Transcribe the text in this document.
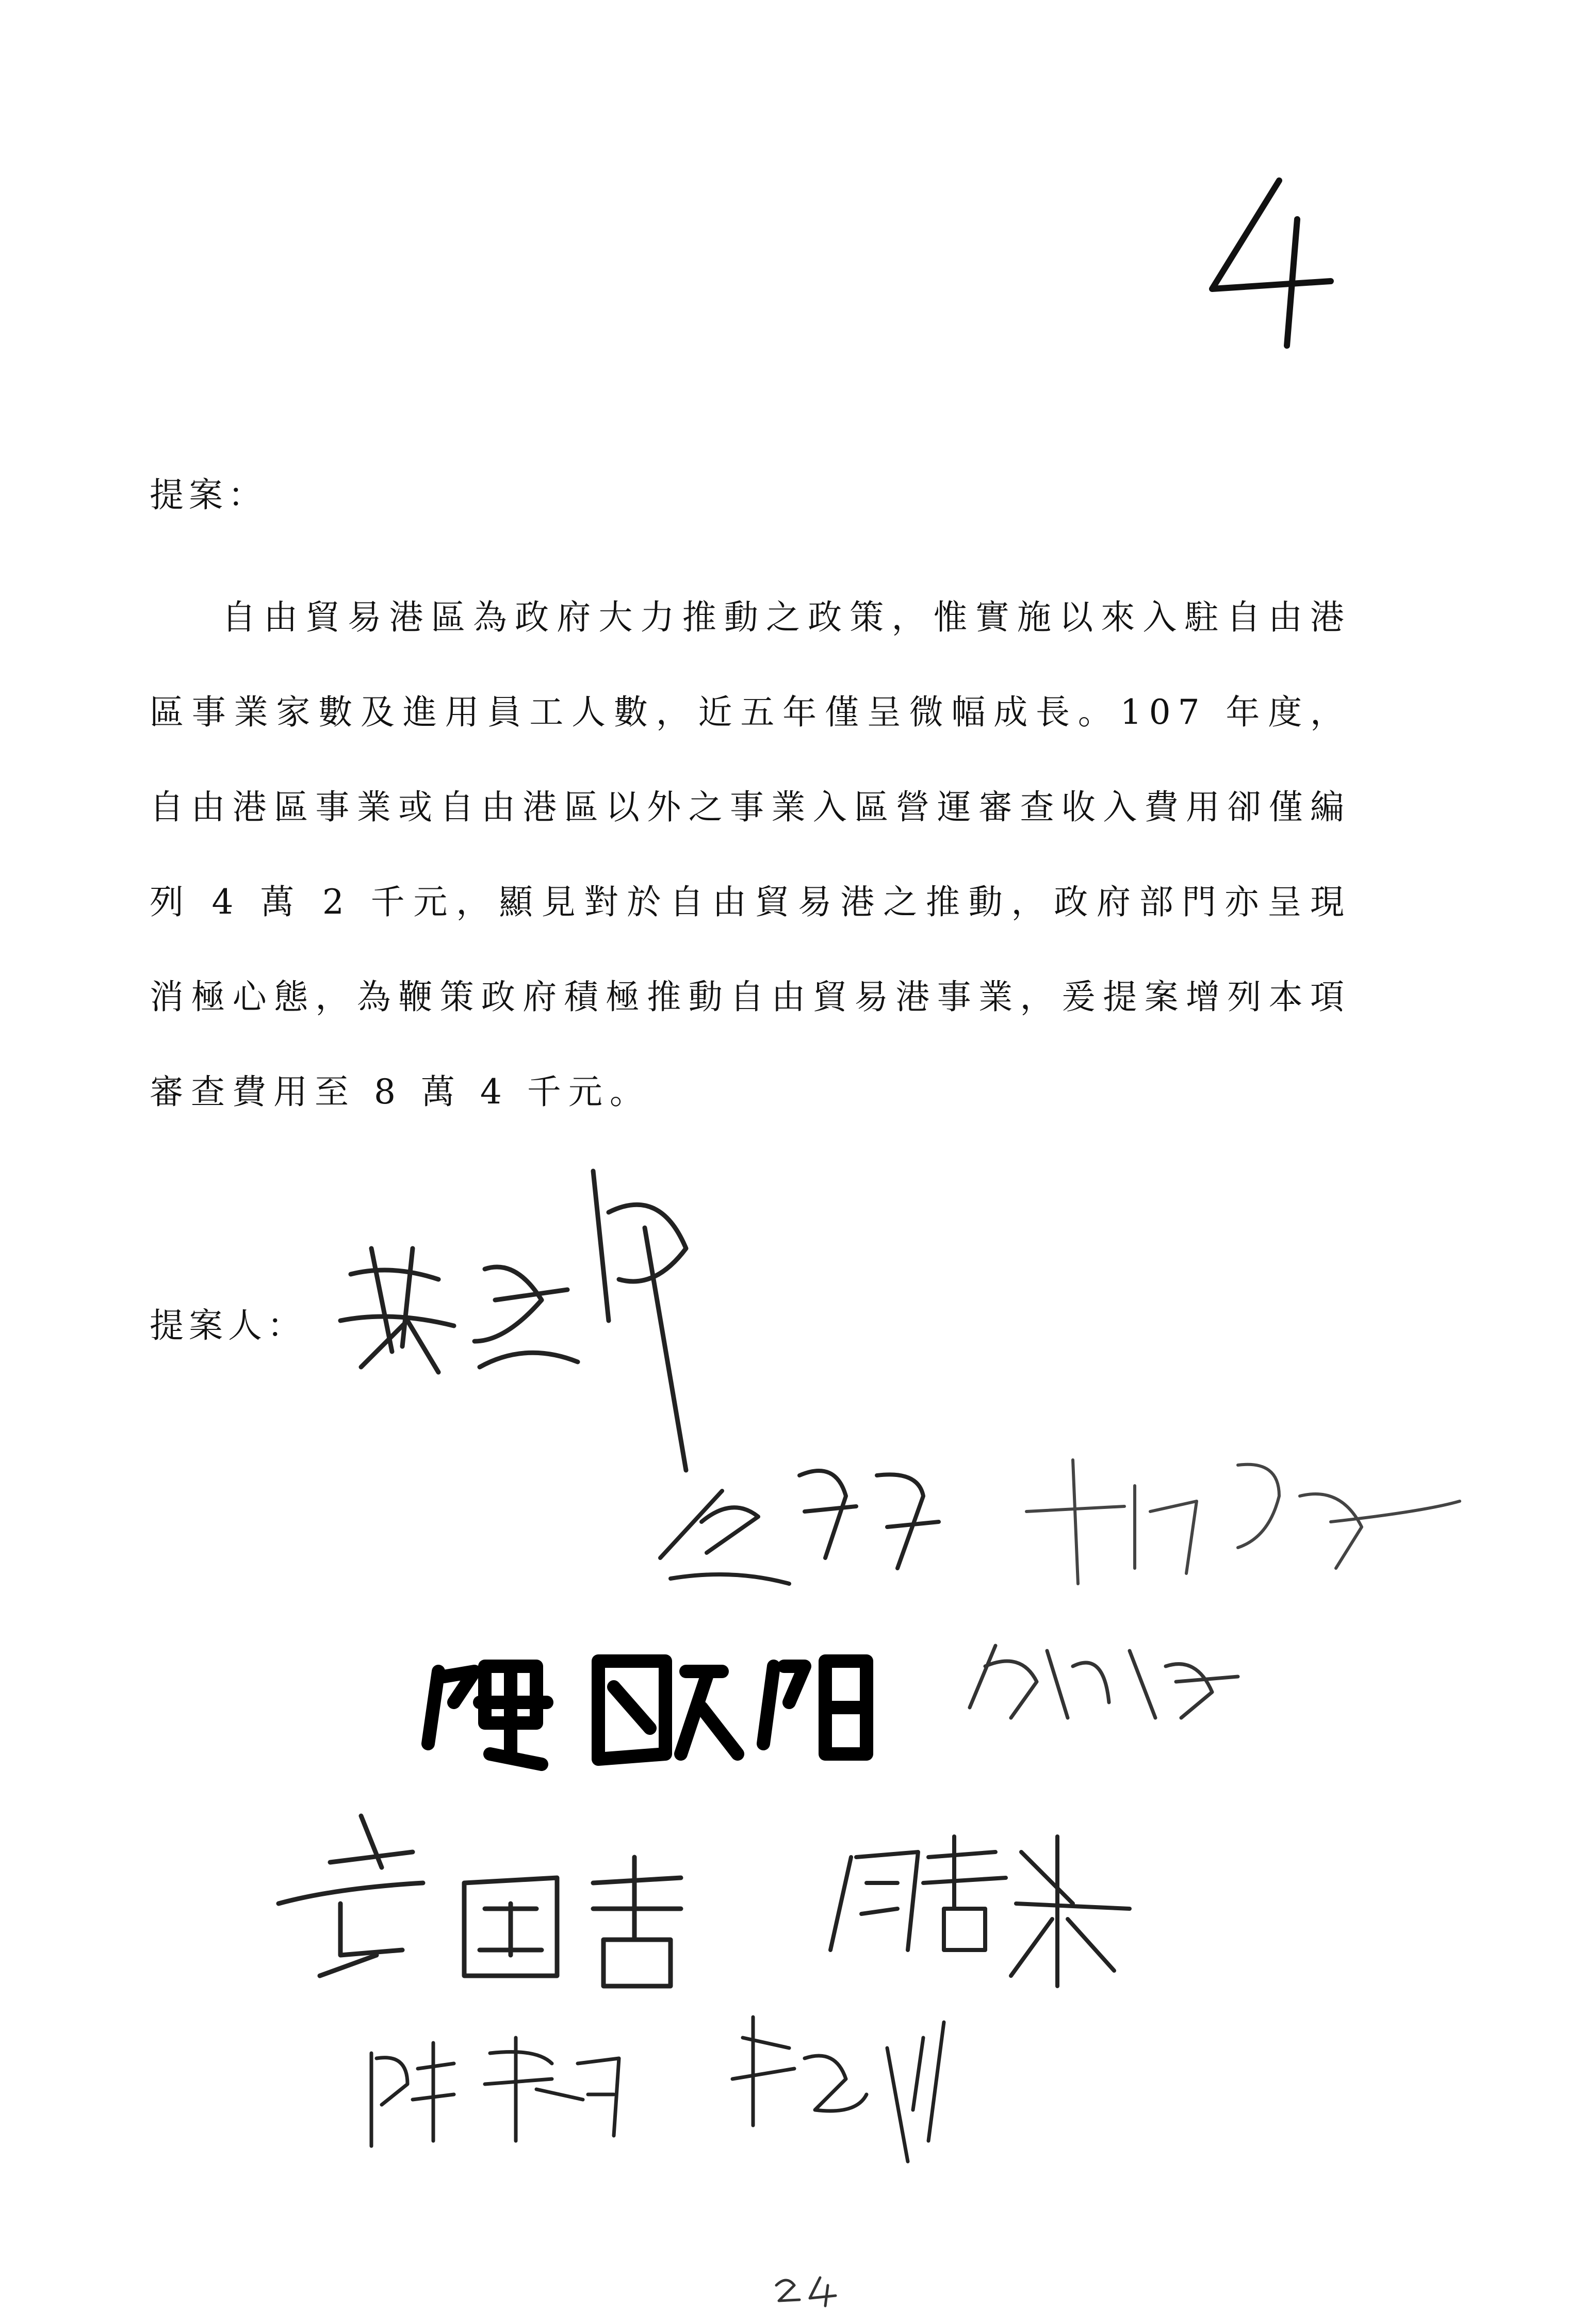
提案：

自由貿易港區為政府大力推動之政策，惟實施以來入駐自由港區事業家數及進用員工人數，近五年僅呈微幅成長。107 年度，自由港區事業或自由港區以外之事業入區營運審查收入費用卻僅編列 4 萬 2 千元，顯見對於自由貿易港之推動，政府部門亦呈現消極心態，為鞭策政府積極推動自由貿易港事業，爰提案增列本項審查費用至 8 萬 4 千元。

提案人：
